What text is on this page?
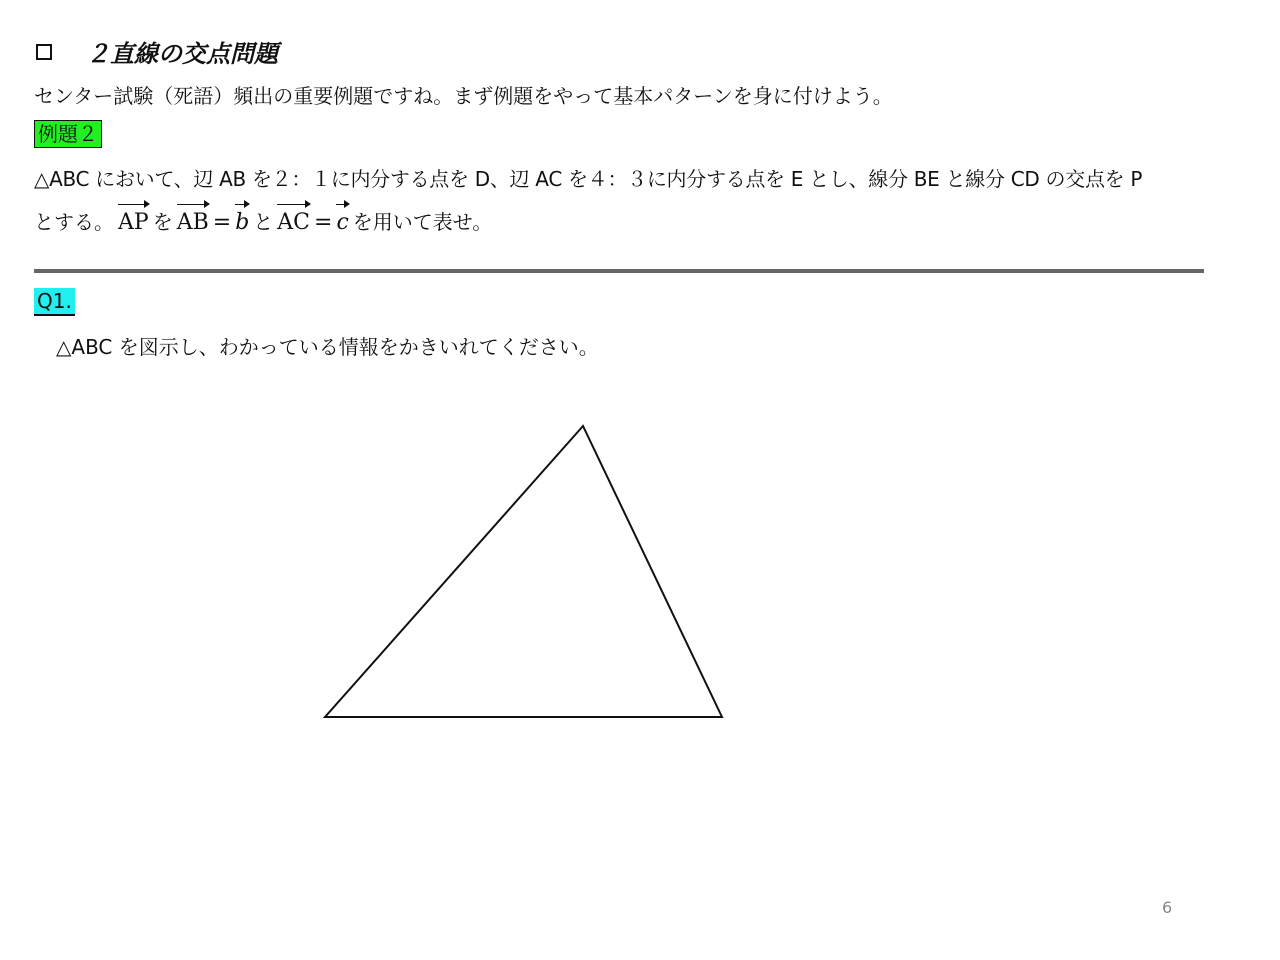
２直線の交点問題
センター試験（死語）頻出の重要例題ですね。まず例題をやって基本パターンを身に付けよう。
例題２
△ABC において、辺 AB を２：１に内分する点を D、辺 AC を４：３に内分する点を E とし、線分 BE と線分 CD の交点を P
とする。 AP を AB = b と AC = c を用いて表せ。
Q1.
△ABC を図示し、わかっている情報をかきいれてください。
6
